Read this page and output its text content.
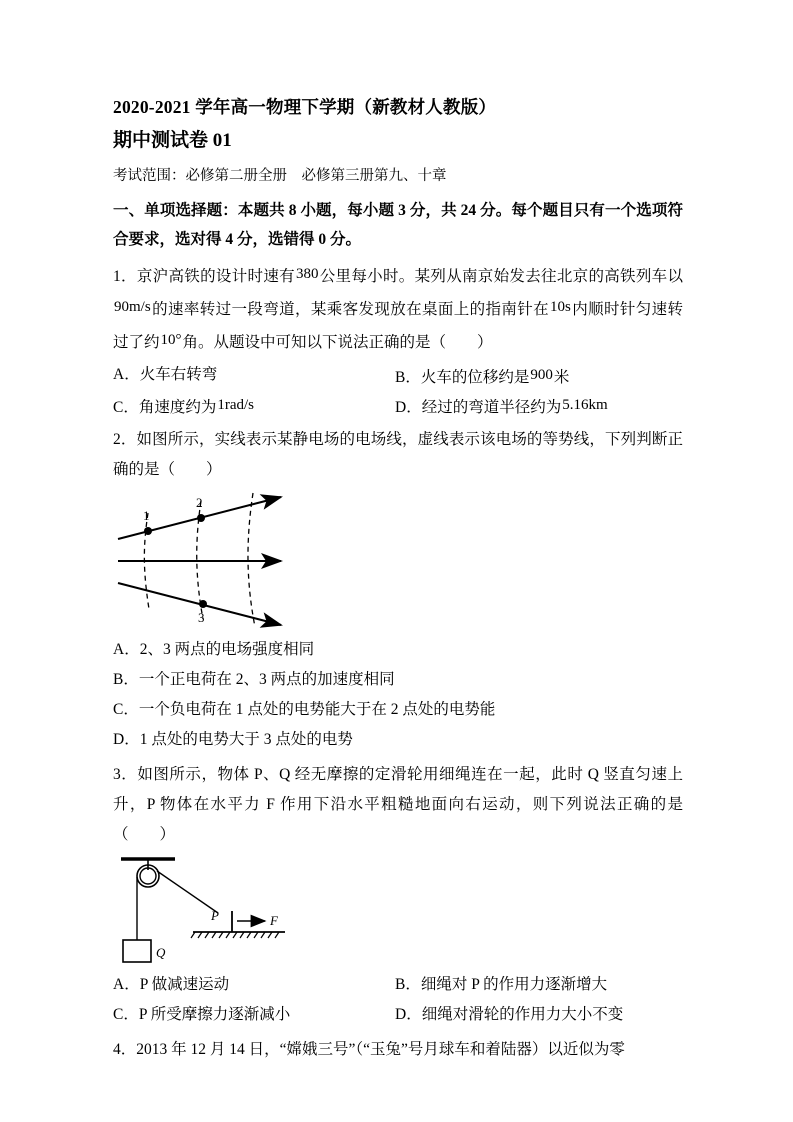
2020-2021 学年高一物理下学期（新教材人教版）
期中测试卷 01
考试范围：必修第二册全册　必修第三册第九、十章
一、单项选择题：本题共 8 小题，每小题 3 分，共 24 分。每个题目只有一个选项符合要求，选对得 4 分，选错得 0 分。
1．京沪高铁的设计时速有380公里每小时。某列从南京始发去往北京的高铁列车以90m/s的速率转过一段弯道，某乘客发现放在桌面上的指南针在10s内顺时针匀速转过了约10°角。从题设中可知以下说法正确的是（　　）
A．火车右转弯	B．火车的位移约是900米
C．角速度约为1rad/s	D．经过的弯道半径约为5.16km
2．如图所示，实线表示某静电场的电场线，虚线表示该电场的等势线，下列判断正确的是（　　）
1
2
3
A．2、3 两点的电场强度相同
B．一个正电荷在 2、3 两点的加速度相同
C．一个负电荷在 1 点处的电势能大于在 2 点处的电势能
D．1 点处的电势大于 3 点处的电势
3．如图所示，物体 P、Q 经无摩擦的定滑轮用细绳连在一起，此时 Q 竖直匀速上升，P 物体在水平力 F 作用下沿水平粗糙地面向右运动，则下列说法正确的是（　　）
Q
P	F
A．P 做减速运动	B．细绳对 P 的作用力逐渐增大
C．P 所受摩擦力逐渐减小	D．细绳对滑轮的作用力大小不变
4．2013 年 12 月 14 日，“嫦娥三号”（“玉兔”号月球车和着陆器）以近似为零
